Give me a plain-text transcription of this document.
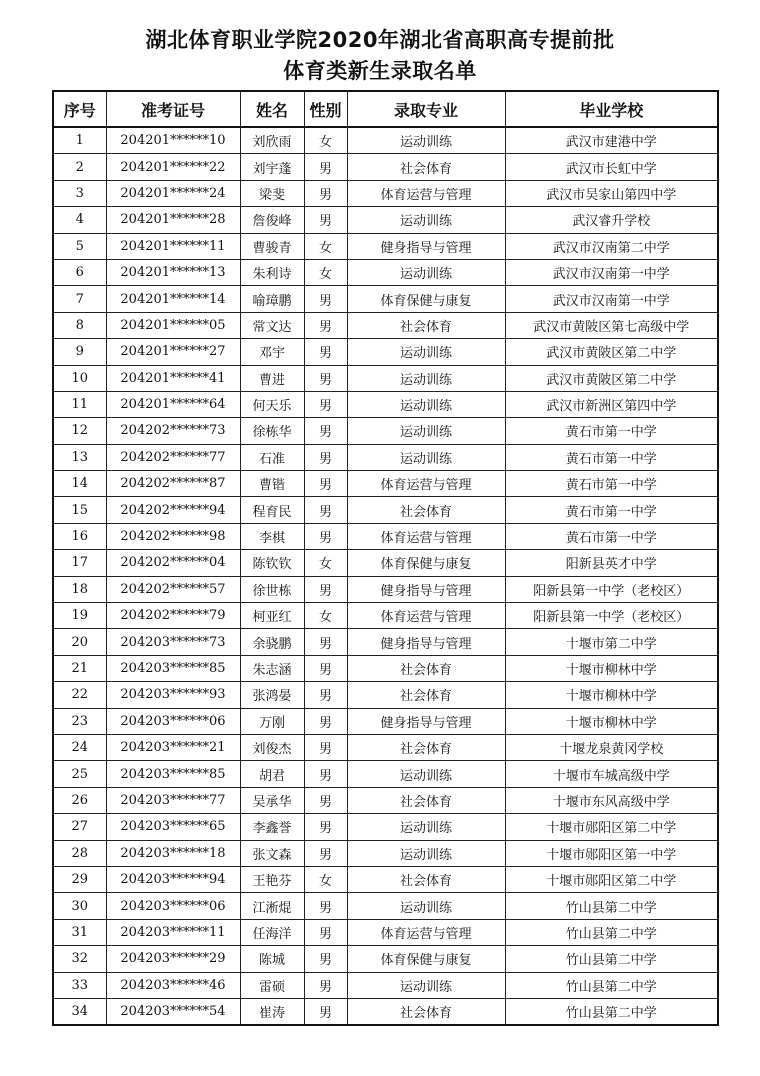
湖北体育职业学院2020年湖北省高职高专提前批
体育类新生录取名单
序号	准考证号	姓名	性别	录取专业	毕业学校
1	204201******10	刘欣雨	女	运动训练	武汉市建港中学
2	204201******22	刘宇蓬	男	社会体育	武汉市长虹中学
3	204201******24	梁斐	男	体育运营与管理	武汉市吴家山第四中学
4	204201******28	詹俊峰	男	运动训练	武汉睿升学校
5	204201******11	曹骏青	女	健身指导与管理	武汉市汉南第二中学
6	204201******13	朱利诗	女	运动训练	武汉市汉南第一中学
7	204201******14	喻璋鹏	男	体育保健与康复	武汉市汉南第一中学
8	204201******05	常文达	男	社会体育	武汉市黄陂区第七高级中学
9	204201******27	邓宇	男	运动训练	武汉市黄陂区第二中学
10	204201******41	曹进	男	运动训练	武汉市黄陂区第二中学
11	204201******64	何天乐	男	运动训练	武汉市新洲区第四中学
12	204202******73	徐栋华	男	运动训练	黄石市第一中学
13	204202******77	石准	男	运动训练	黄石市第一中学
14	204202******87	曹锴	男	体育运营与管理	黄石市第一中学
15	204202******94	程育民	男	社会体育	黄石市第一中学
16	204202******98	李棋	男	体育运营与管理	黄石市第一中学
17	204202******04	陈钦钦	女	体育保健与康复	阳新县英才中学
18	204202******57	徐世栋	男	健身指导与管理	阳新县第一中学（老校区）
19	204202******79	柯亚红	女	体育运营与管理	阳新县第一中学（老校区）
20	204203******73	余骁鹏	男	健身指导与管理	十堰市第二中学
21	204203******85	朱志涵	男	社会体育	十堰市柳林中学
22	204203******93	张鸿晏	男	社会体育	十堰市柳林中学
23	204203******06	万刚	男	健身指导与管理	十堰市柳林中学
24	204203******21	刘俊杰	男	社会体育	十堰龙泉黄冈学校
25	204203******85	胡君	男	运动训练	十堰市车城高级中学
26	204203******77	吴承华	男	社会体育	十堰市东风高级中学
27	204203******65	李鑫誉	男	运动训练	十堰市郧阳区第二中学
28	204203******18	张文森	男	运动训练	十堰市郧阳区第一中学
29	204203******94	王艳芬	女	社会体育	十堰市郧阳区第二中学
30	204203******06	江淅焜	男	运动训练	竹山县第二中学
31	204203******11	任海洋	男	体育运营与管理	竹山县第二中学
32	204203******29	陈城	男	体育保健与康复	竹山县第二中学
33	204203******46	雷硕	男	运动训练	竹山县第二中学
34	204203******54	崔涛	男	社会体育	竹山县第二中学
